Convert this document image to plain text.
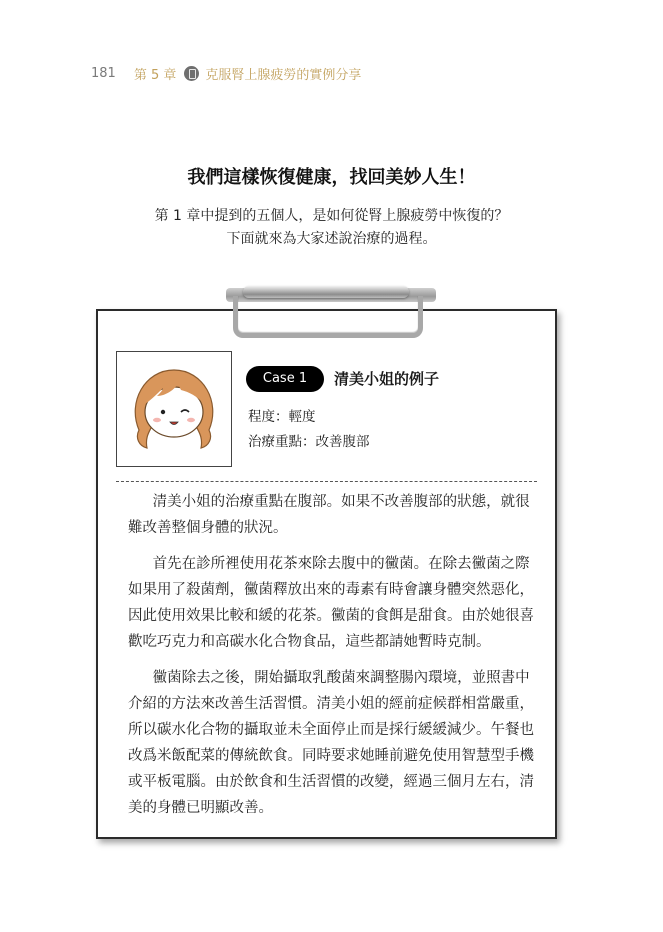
181 第 5 章 克服腎上腺疲勞的實例分享
我們這樣恢復健康，找回美妙人生！
第 1 章中提到的五個人，是如何從腎上腺疲勞中恢復的？
下面就來為大家述說治療的過程。
Case 1	清美小姐的例子
程度：輕度
治療重點：改善腹部

清美小姐的治療重點在腹部。如果不改善腹部的狀態，就很難改善整個身體的狀況。

首先在診所裡使用花茶來除去腹中的黴菌。在除去黴菌之際如果用了殺菌劑，黴菌釋放出來的毒素有時會讓身體突然惡化，因此使用效果比較和緩的花茶。黴菌的食餌是甜食。由於她很喜歡吃巧克力和高碳水化合物食品，這些都請她暫時克制。

黴菌除去之後，開始攝取乳酸菌來調整腸內環境，並照書中介紹的方法來改善生活習慣。清美小姐的經前症候群相當嚴重，所以碳水化合物的攝取並未全面停止而是採行緩緩減少。午餐也改爲米飯配菜的傳統飲食。同時要求她睡前避免使用智慧型手機或平板電腦。由於飲食和生活習慣的改變，經過三個月左右，清美的身體已明顯改善。
